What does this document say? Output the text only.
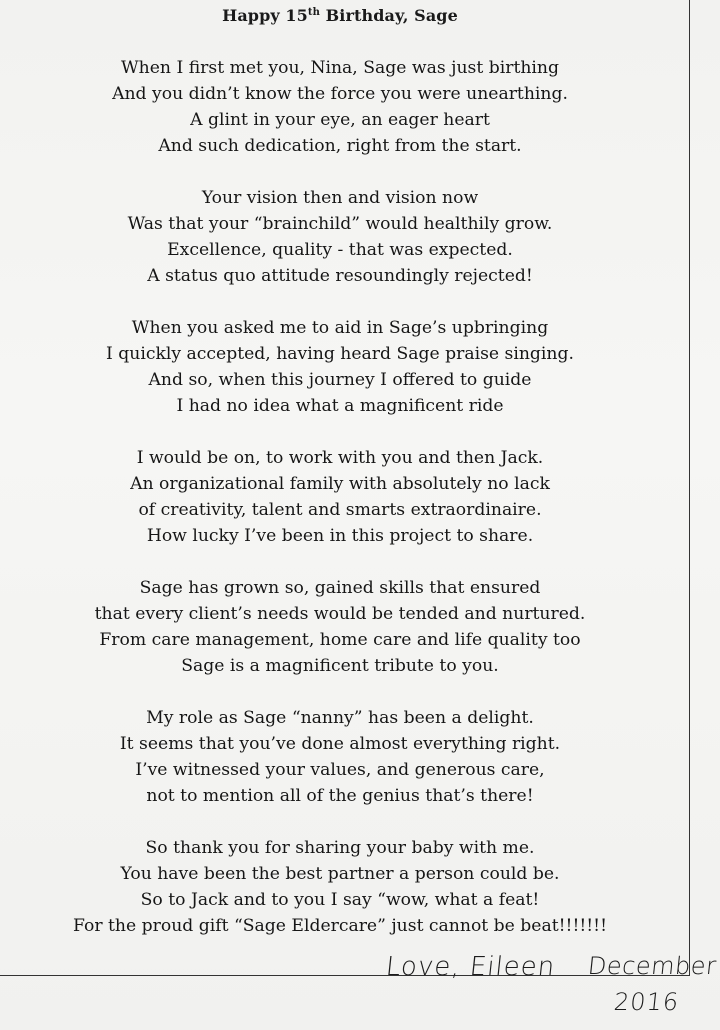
Happy 15th Birthday, Sage
When I first met you, Nina, Sage was just birthing
And you didn’t know the force you were unearthing.
A glint in your eye, an eager heart
And such dedication, right from the start.
Your vision then and vision now
Was that your “brainchild” would healthily grow.
Excellence, quality - that was expected.
A status quo attitude resoundingly rejected!
When you asked me to aid in Sage’s upbringing
I quickly accepted, having heard Sage praise singing.
And so, when this journey I offered to guide
I had no idea what a magnificent ride
I would be on, to work with you and then Jack.
An organizational family with absolutely no lack
of creativity, talent and smarts extraordinaire.
How lucky I’ve been in this project to share.
Sage has grown so, gained skills that ensured
that every client’s needs would be tended and nurtured.
From care management, home care and life quality too
Sage is a magnificent tribute to you.
My role as Sage “nanny” has been a delight.
It seems that you’ve done almost everything right.
I’ve witnessed your values, and generous care,
not to mention all of the genius that’s there!
So thank you for sharing your baby with me.
You have been the best partner a person could be.
So to Jack and to you I say “wow, what a feat!
For the proud gift “Sage Eldercare” just cannot be beat!!!!!!!
Love, Eileen December
2016
